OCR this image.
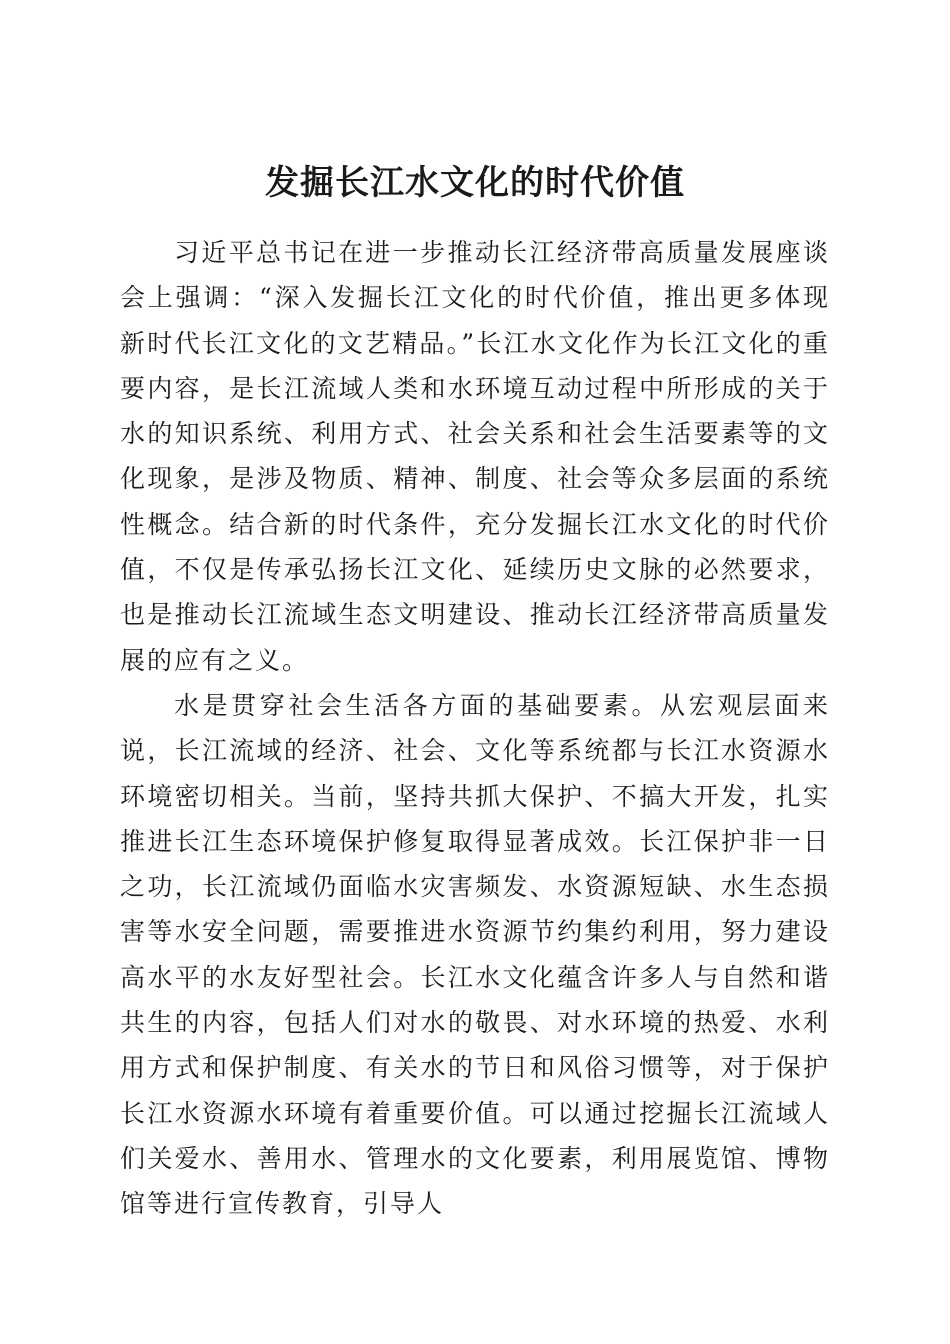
发掘长江水文化的时代价值

习近平总书记在进一步推动长江经济带高质量发展座谈会上强调：“深入发掘长江文化的时代价值，推出更多体现新时代长江文化的文艺精品。”长江水文化作为长江文化的重要内容，是长江流域人类和水环境互动过程中所形成的关于水的知识系统、利用方式、社会关系和社会生活要素等的文化现象，是涉及物质、精神、制度、社会等众多层面的系统性概念。结合新的时代条件，充分发掘长江水文化的时代价值，不仅是传承弘扬长江文化、延续历史文脉的必然要求，也是推动长江流域生态文明建设、推动长江经济带高质量发展的应有之义。

水是贯穿社会生活各方面的基础要素。从宏观层面来说，长江流域的经济、社会、文化等系统都与长江水资源水环境密切相关。当前，坚持共抓大保护、不搞大开发，扎实推进长江生态环境保护修复取得显著成效。长江保护非一日之功，长江流域仍面临水灾害频发、水资源短缺、水生态损害等水安全问题，需要推进水资源节约集约利用，努力建设高水平的水友好型社会。长江水文化蕴含许多人与自然和谐共生的内容，包括人们对水的敬畏、对水环境的热爱、水利用方式和保护制度、有关水的节日和风俗习惯等，对于保护长江水资源水环境有着重要价值。可以通过挖掘长江流域人们关爱水、善用水、管理水的文化要素，利用展览馆、博物馆等进行宣传教育，引导人
